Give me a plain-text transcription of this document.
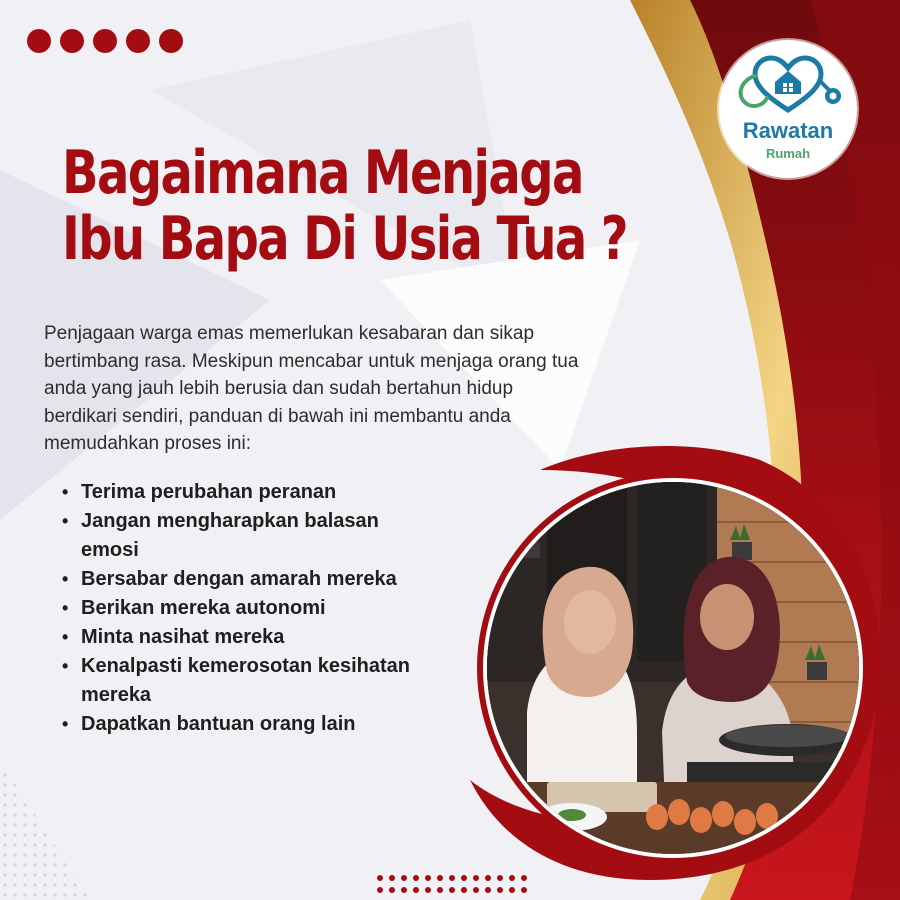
Bagaimana Menjaga
Ibu Bapa Di Usia Tua ?

Penjagaan warga emas memerlukan kesabaran dan sikap bertimbang rasa. Meskipun mencabar untuk menjaga orang tua anda yang jauh lebih berusia dan sudah bertahun hidup berdikari sendiri, panduan di bawah ini membantu anda memudahkan proses ini:

• Terima perubahan peranan
• Jangan mengharapkan balasan emosi
• Bersabar dengan amarah mereka
• Berikan mereka autonomi
• Minta nasihat mereka
• Kenalpasti kemerosotan kesihatan mereka
• Dapatkan bantuan orang lain
Rawatan
Rumah
